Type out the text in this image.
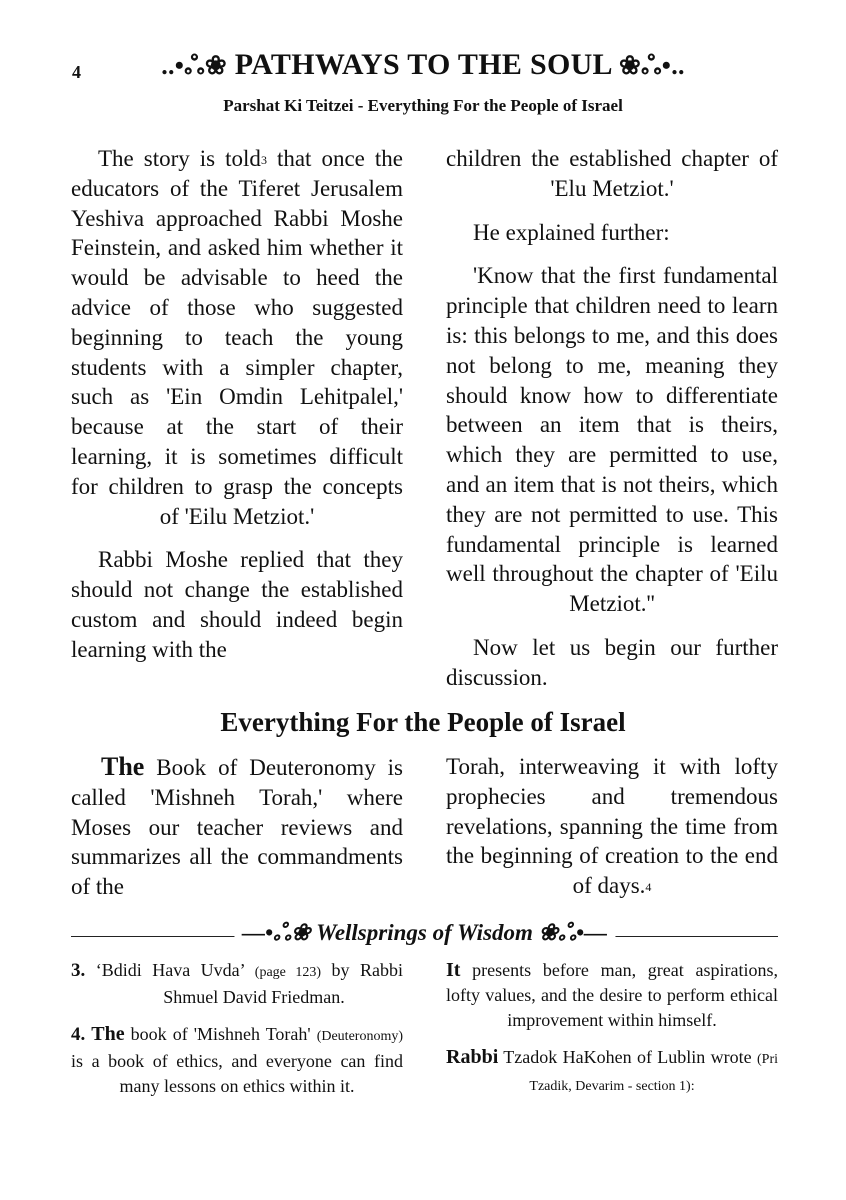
4	..•ஃ❀ PATHWAYS TO THE SOUL ❀ஃ•..
Parshat Ki Teitzei - Everything For the People of Israel

The story is told$^3$ that once the educators of the Tiferet Jerusalem Yeshiva approached Rabbi Moshe Feinstein, and asked him whether it would be advisable to heed the advice of those who suggested beginning to teach the young students with a simpler chapter, such as 'Ein Omdin Lehitpalel,' because at the start of their learning, it is sometimes difficult for children to grasp the concepts of 'Eilu Metziot.'

Rabbi Moshe replied that they should not change the established custom and should indeed begin learning with the

children the established chapter of 'Elu Metziot.'

He explained further:

'Know that the first fundamental principle that children need to learn is: this belongs to me, and this does not belong to me, meaning they should know how to differentiate between an item that is theirs, which they are permitted to use, and an item that is not theirs, which they are not permitted to use. This fundamental principle is learned well throughout the chapter of 'Eilu Metziot.''

Now let us begin our further discussion.

Everything For the People of Israel

The Book of Deuteronomy is called 'Mishneh Torah,' where Moses our teacher reviews and summarizes all the commandments of the

Torah, interweaving it with lofty prophecies and tremendous revelations, spanning the time from the beginning of creation to the end of days.$^4$

—•ஃ❀ Wellsprings of Wisdom ❀ஃ•—

3. ‘Bdidi Hava Uvda’ (page 123) by Rabbi Shmuel David Friedman.

4. The book of 'Mishneh Torah' (Deuteronomy) is a book of ethics, and everyone can find many lessons on ethics within it.

It presents before man, great aspirations, lofty values, and the desire to perform ethical improvement within himself.

Rabbi Tzadok HaKohen of Lublin wrote (Pri Tzadik, Devarim - section 1):
